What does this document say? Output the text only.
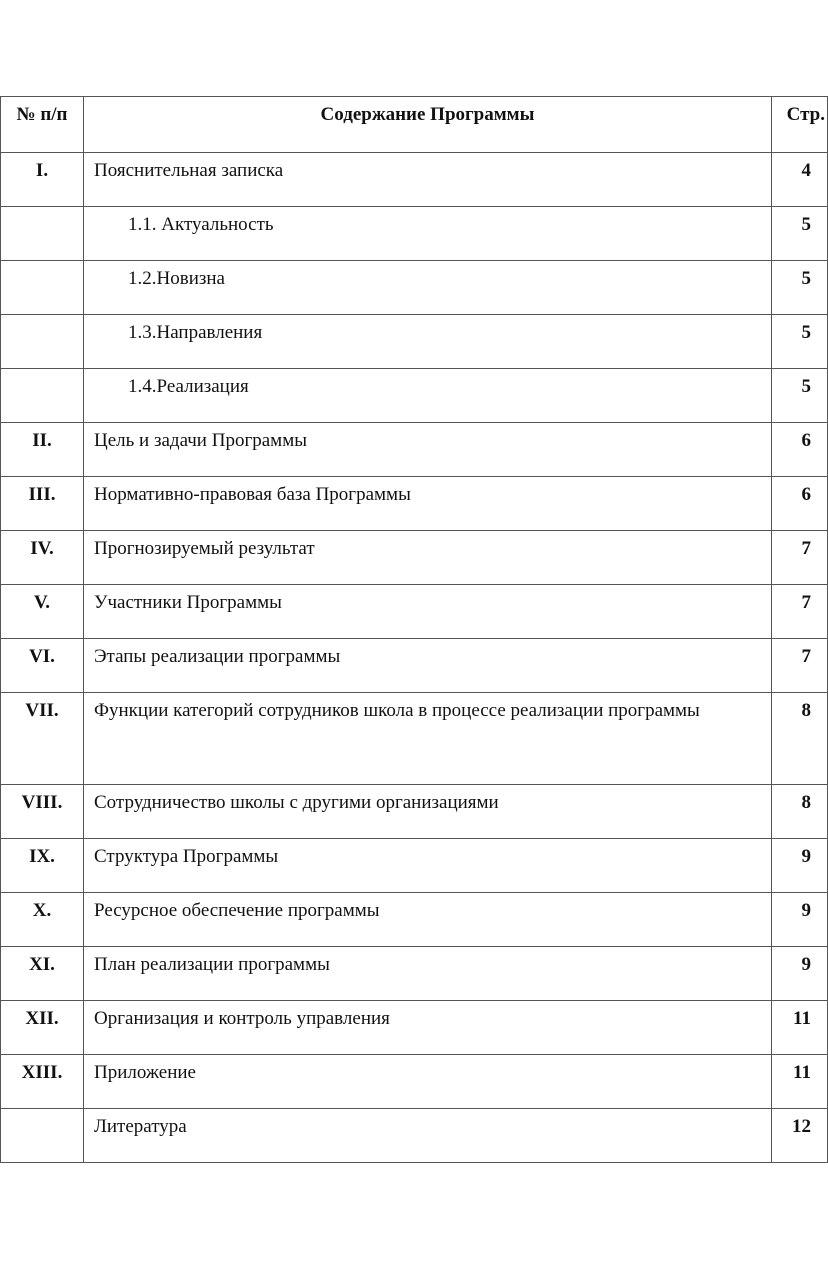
№ п/п	Содержание Программы	Стр.
I.	Пояснительная записка	4
	1.1. Актуальность	5
	1.2.Новизна	5
	1.3.Направления	5
	1.4.Реализация	5
II.	Цель и задачи Программы	6
III.	Нормативно-правовая база Программы	6
IV.	Прогнозируемый результат	7
V.	Участники Программы	7
VI.	Этапы реализации программы	7
VII.	Функции категорий сотрудников школа в процессе реализации программы	8
VIII.	Сотрудничество школы с другими организациями	8
IX.	Структура Программы	9
X.	Ресурсное обеспечение программы	9
XI.	План реализации программы	9
XII.	Организация и контроль управления	11
XIII.	Приложение	11
	Литература	12
